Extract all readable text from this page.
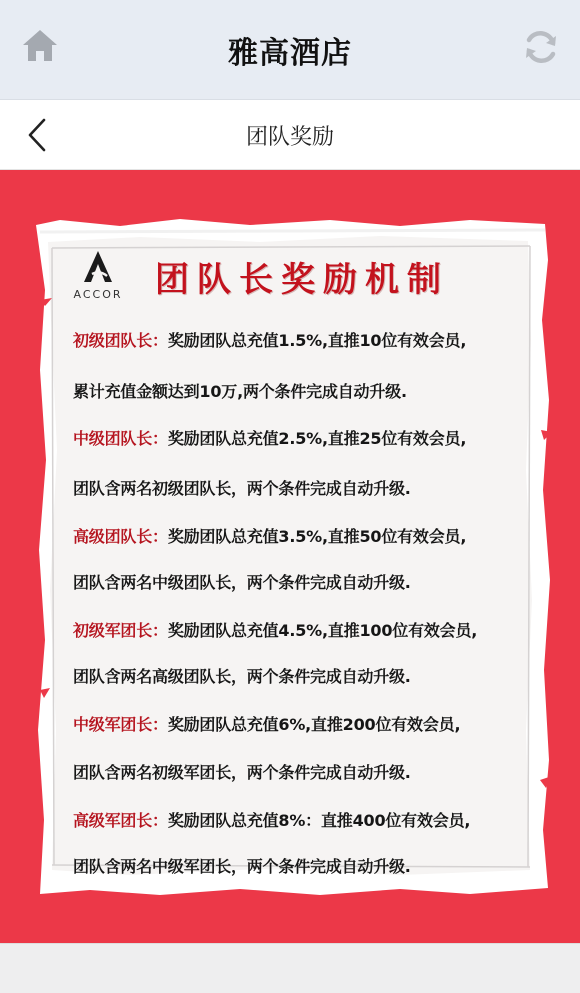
雅高酒店
团队奖励
ACCOR 团队长奖励机制
初级团队长：奖励团队总充值1.5%,直推10位有效会员,
累计充值金额达到10万,两个条件完成自动升级.
中级团队长：奖励团队总充值2.5%,直推25位有效会员,
团队含两名初级团队长，两个条件完成自动升级.
高级团队长：奖励团队总充值3.5%,直推50位有效会员,
团队含两名中级团队长，两个条件完成自动升级.
初级军团长：奖励团队总充值4.5%,直推100位有效会员,
团队含两名高级团队长，两个条件完成自动升级.
中级军团长：奖励团队总充值6%,直推200位有效会员,
团队含两名初级军团长，两个条件完成自动升级.
高级军团长：奖励团队总充值8%：直推400位有效会员,
团队含两名中级军团长，两个条件完成自动升级.
